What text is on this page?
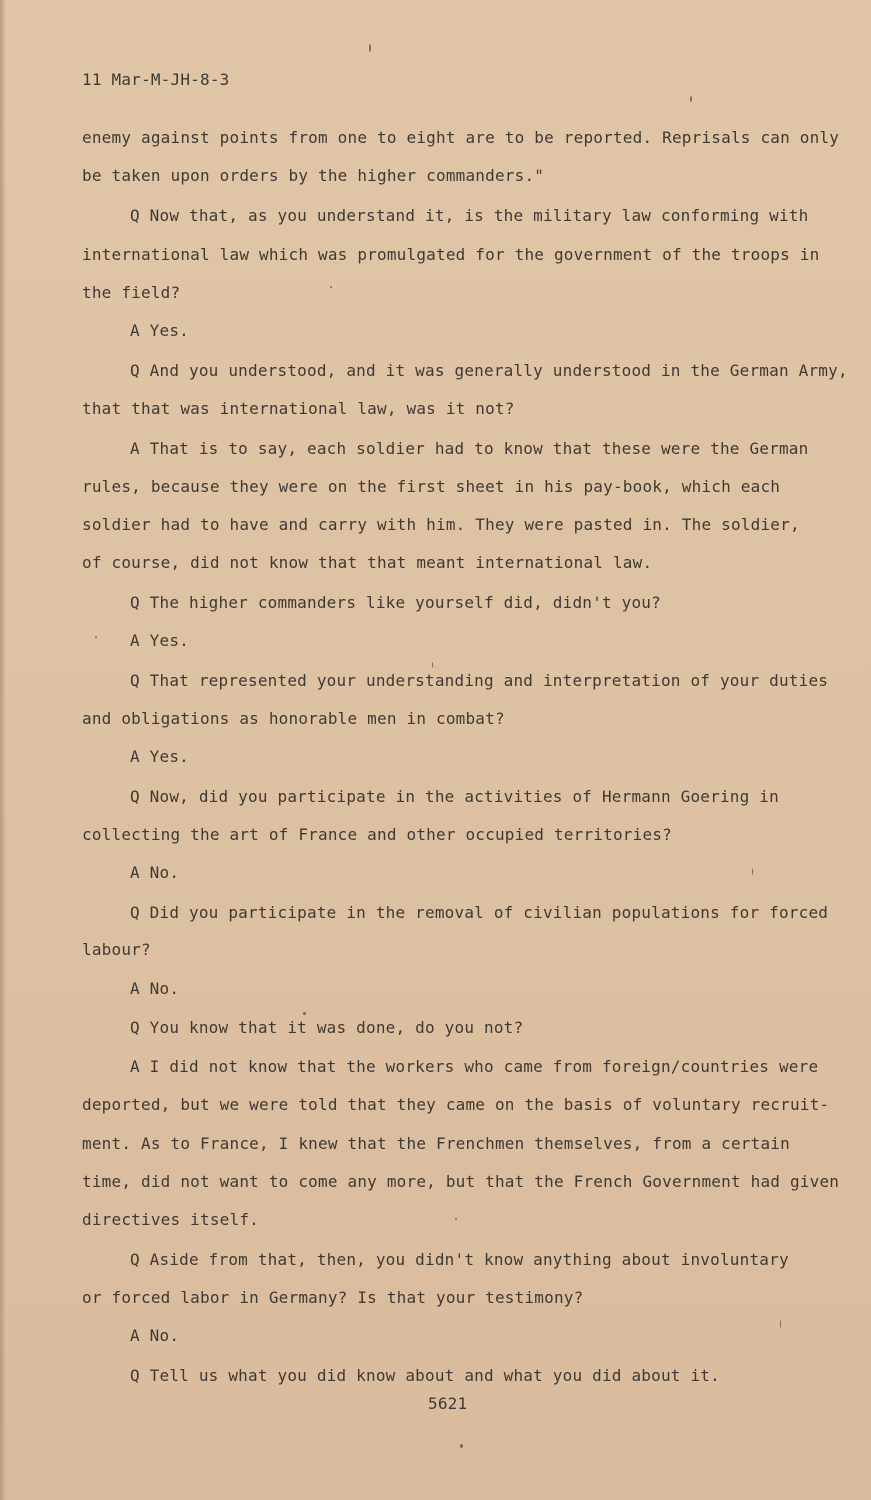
11 Mar-M-JH-8-3
enemy against points from one to eight are to be reported. Reprisals can only
be taken upon orders by the higher commanders."
Q Now that, as you understand it, is the military law conforming with
international law which was promulgated for the government of the troops in
the field?
A Yes.
Q And you understood, and it was generally understood in the German Army,
that that was international law, was it not?
A That is to say, each soldier had to know that these were the German
rules, because they were on the first sheet in his pay-book, which each
soldier had to have and carry with him. They were pasted in. The soldier,
of course, did not know that that meant international law.
Q The higher commanders like yourself did, didn't you?
A Yes.
Q That represented your understanding and interpretation of your duties
and obligations as honorable men in combat?
A Yes.
Q Now, did you participate in the activities of Hermann Goering in
collecting the art of France and other occupied territories?
A No.
Q Did you participate in the removal of civilian populations for forced
labour?
A No.
Q You know that it was done, do you not?
A I did not know that the workers who came from foreign/countries were
deported, but we were told that they came on the basis of voluntary recruit-
ment. As to France, I knew that the Frenchmen themselves, from a certain
time, did not want to come any more, but that the French Government had given
directives itself.
Q Aside from that, then, you didn't know anything about involuntary
or forced labor in Germany? Is that your testimony?
A No.
Q Tell us what you did know about and what you did about it.
5621
